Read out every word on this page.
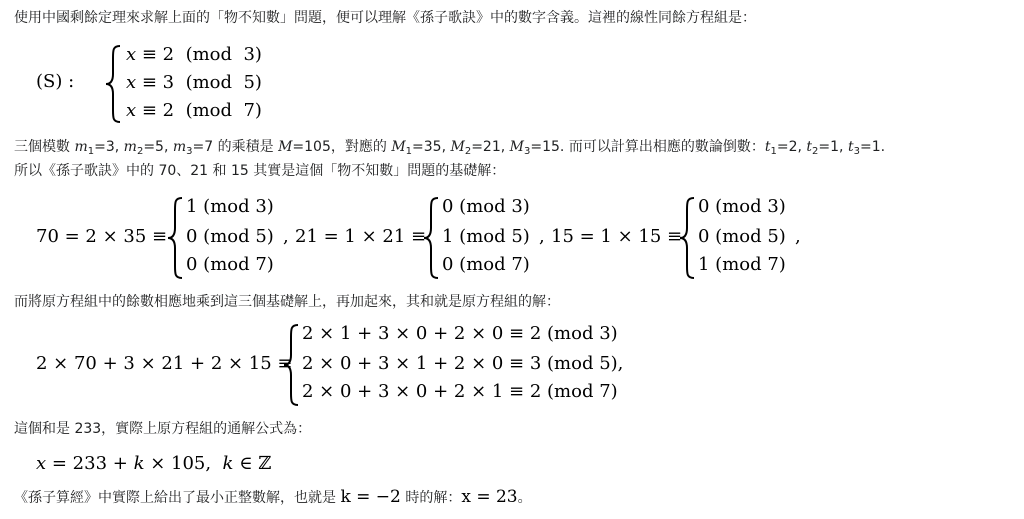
使用中國剩餘定理來求解上面的「物不知數」問題，便可以理解《孫子歌訣》中的數字含義。這裡的線性同餘方程組是：
(S) :
x ≡ 2  (mod  3)
x ≡ 3  (mod  5)
x ≡ 2  (mod  7)
三個模數 $m_1=3$, $m_2=5$, $m_3=7$ 的乘積是 M=105，對應的 $M_1=35$, $M_2=21$, $M_3=15$. 而可以計算出相應的數論倒數：$t_1=2$, $t_2=1$, $t_3=1$.
所以《孫子歌訣》中的 70、21 和 15 其實是這個「物不知數」問題的基礎解：
70 = 2 × 35 ≡
1 (mod 3)
0 (mod 5)
0 (mod 7)
, 21 = 1 × 21 ≡
0 (mod 3)
1 (mod 5)
0 (mod 7)
, 15 = 1 × 15 ≡
0 (mod 3)
0 (mod 5)
1 (mod 7)
,
而將原方程組中的餘數相應地乘到這三個基礎解上，再加起來，其和就是原方程組的解：
2 × 70 + 3 × 21 + 2 × 15 ≡
2 × 1 + 3 × 0 + 2 × 0 ≡ 2 (mod 3)
2 × 0 + 3 × 1 + 2 × 0 ≡ 3 (mod 5),
2 × 0 + 3 × 0 + 2 × 1 ≡ 2 (mod 7)
這個和是 233，實際上原方程組的通解公式為：
x = 233 + k × 105,  k ∈ ℤ
《孫子算經》中實際上給出了最小正整數解，也就是 k = −2 時的解：x = 23。
